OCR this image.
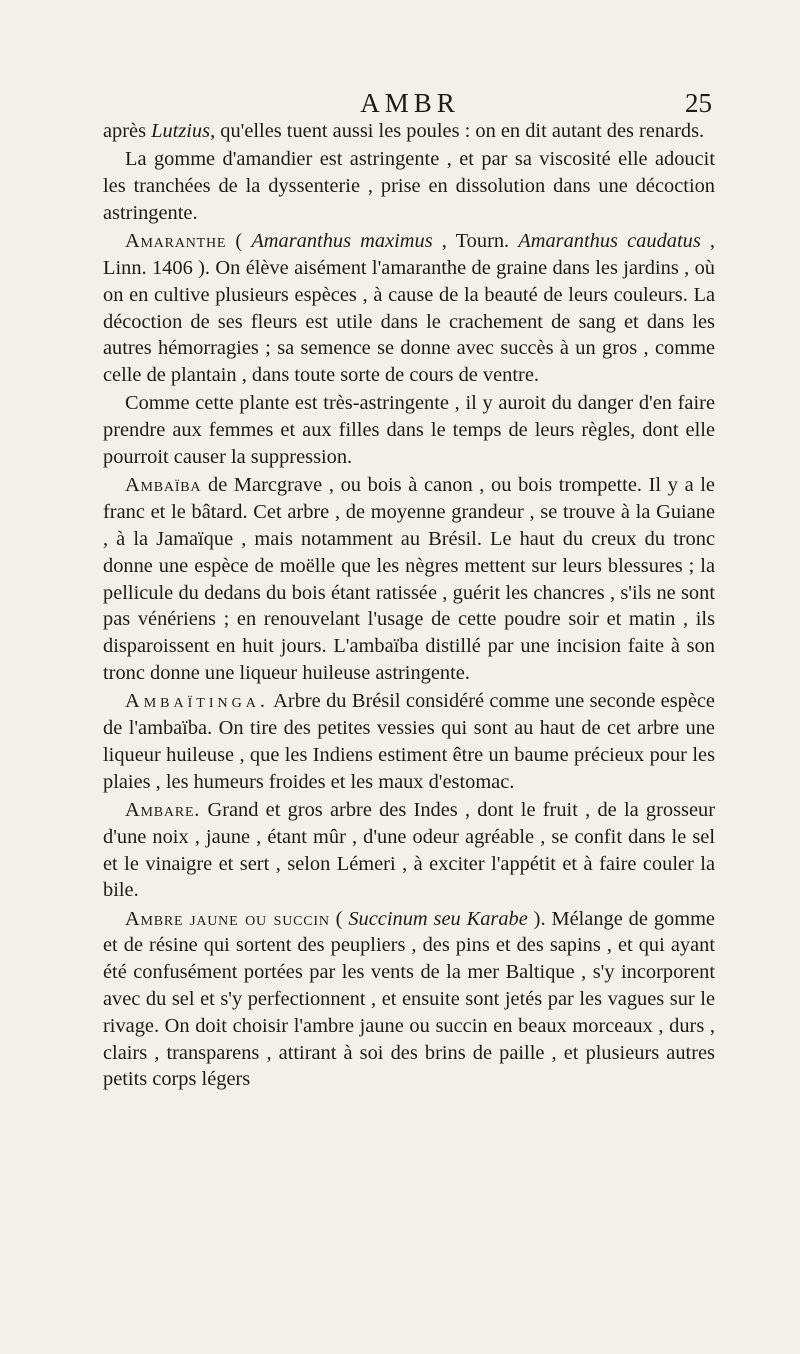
AMBR	25

après Lutzius, qu'elles tuent aussi les poules : on en dit autant des renards.

La gomme d'amandier est astringente , et par sa viscosité elle adoucit les tranchées de la dyssenterie , prise en dissolution dans une décoction astringente.

Amaranthe ( Amaranthus maximus , Tourn. Amaranthus caudatus , Linn. 1406 ). On élève aisément l'amaranthe de graine dans les jardins , où on en cultive plusieurs espèces , à cause de la beauté de leurs couleurs. La décoction de ses fleurs est utile dans le crachement de sang et dans les autres hémorragies ; sa semence se donne avec succès à un gros , comme celle de plantain , dans toute sorte de cours de ventre.

Comme cette plante est très-astringente , il y auroit du danger d'en faire prendre aux femmes et aux filles dans le temps de leurs règles, dont elle pourroit causer la suppression.

Ambaïba de Marcgrave , ou bois à canon , ou bois trompette. Il y a le franc et le bâtard. Cet arbre , de moyenne grandeur , se trouve à la Guiane , à la Jamaïque , mais notamment au Brésil. Le haut du creux du tronc donne une espèce de moëlle que les nègres mettent sur leurs blessures ; la pellicule du dedans du bois étant ratissée , guérit les chancres , s'ils ne sont pas vénériens ; en renouvelant l'usage de cette poudre soir et matin , ils disparoissent en huit jours. L'ambaïba distillé par une incision faite à son tronc donne une liqueur huileuse astringente.

Ambaïtinga. Arbre du Brésil considéré comme une seconde espèce de l'ambaïba. On tire des petites vessies qui sont au haut de cet arbre une liqueur huileuse , que les Indiens estiment être un baume précieux pour les plaies , les humeurs froides et les maux d'estomac.

Ambare. Grand et gros arbre des Indes , dont le fruit , de la grosseur d'une noix , jaune , étant mûr , d'une odeur agréable , se confit dans le sel et le vinaigre et sert , selon Lémeri , à exciter l'appétit et à faire couler la bile.

Ambre jaune ou succin ( Succinum seu Karabe ). Mélange de gomme et de résine qui sortent des peupliers , des pins et des sapins , et qui ayant été confusément portées par les vents de la mer Baltique , s'y incorporent avec du sel et s'y perfectionnent , et ensuite sont jetés par les vagues sur le rivage. On doit choisir l'ambre jaune ou succin en beaux morceaux , durs , clairs , transparens , attirant à soi des brins de paille , et plusieurs autres petits corps légers
